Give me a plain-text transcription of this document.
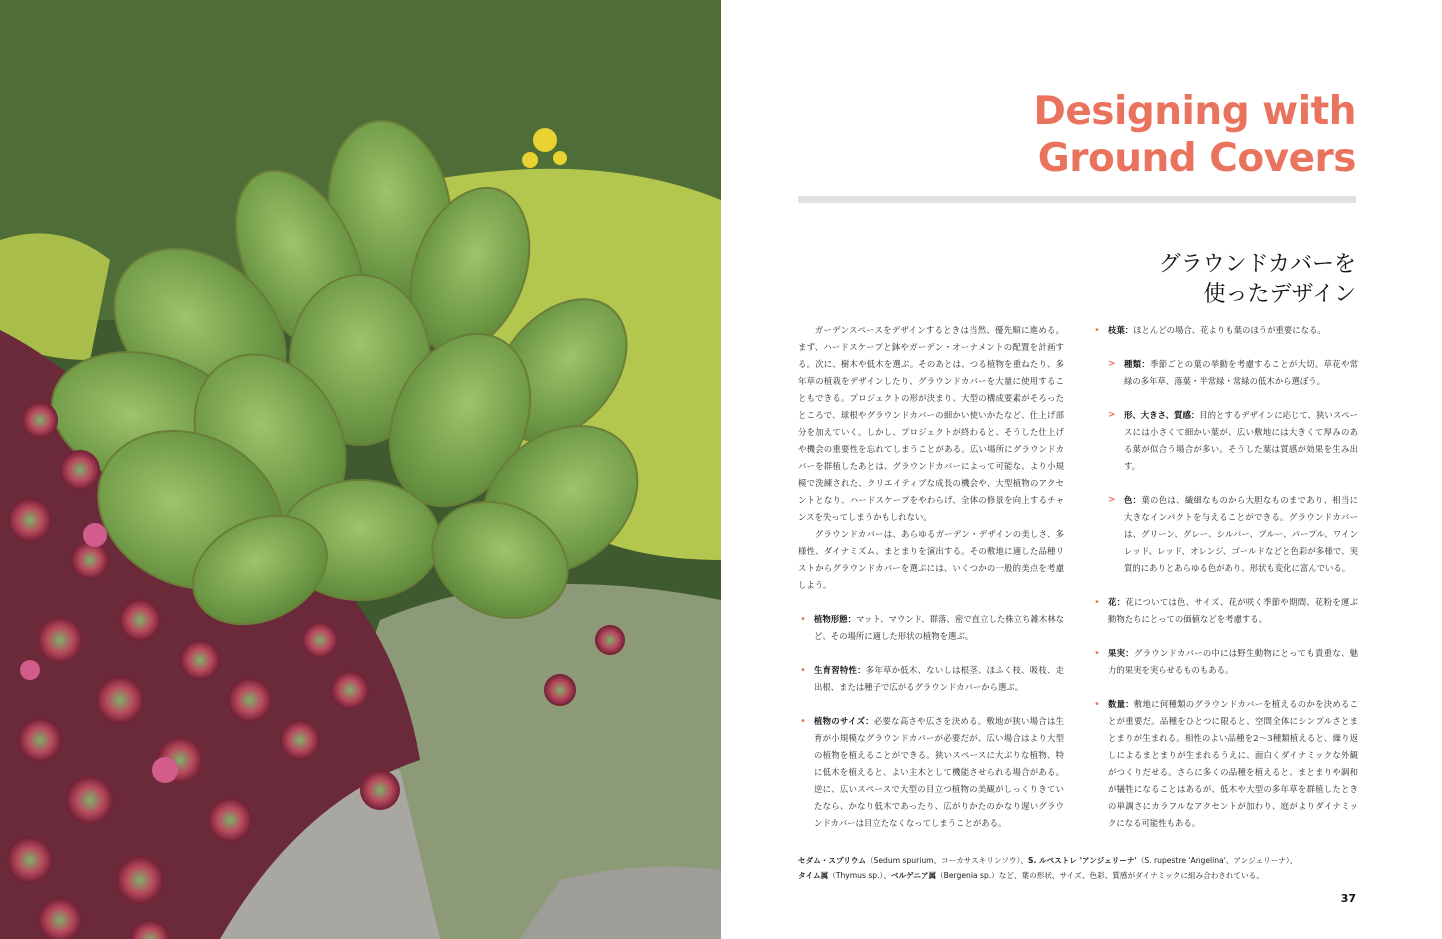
Designing with
Ground Covers
グラウンドカバーを
使ったデザイン

ガーデンスペースをデザインするときは当然、優先順に進める。まず、ハードスケープと鉢やガーデン・オーナメントの配置を計画する。次に、樹木や低木を選ぶ。そのあとは、つる植物を重ねたり、多年草の植栽をデザインしたり、グラウンドカバーを大量に使用することもできる。プロジェクトの形が決まり、大型の構成要素がそろったところで、球根やグラウンドカバーの細かい使いかたなど、仕上げ部分を加えていく。しかし、プロジェクトが終わると、そうした仕上げや機会の重要性を忘れてしまうことがある。広い場所にグラウンドカバーを群植したあとは、グラウンドカバーによって可能な、より小規模で洗練された、クリエイティブな成長の機会や、大型植物のアクセントとなり、ハードスケープをやわらげ、全体の修景を向上するチャンスを失ってしまうかもしれない。

グラウンドカバーは、あらゆるガーデン・デザインの美しさ、多様性、ダイナミズム、まとまりを演出する。その敷地に適した品種リストからグラウンドカバーを選ぶには、いくつかの一般的美点を考慮しよう。

• 植物形態：マット、マウンド、群落、密で直立した株立ち雑木林など、その場所に適した形状の植物を選ぶ。

• 生育習特性：多年草か低木、ないしは根茎、ほふく枝、吸枝、走出根、または種子で広がるグラウンドカバーから選ぶ。

• 植物のサイズ：必要な高さや広さを決める。敷地が狭い場合は生育が小規模なグラウンドカバーが必要だが、広い場合はより大型の植物を植えることができる。狭いスペースに大ぶりな植物、特に低木を植えると、よい主木として機能させられる場合がある。逆に、広いスペースで大型の目立つ植物の美観がしっくりきていたなら、かなり低木であったり、広がりかたのかなり遅いグラウンドカバーは目立たなくなってしまうことがある。

• 枝葉：ほとんどの場合、花よりも葉のほうが重要になる。

> 種類：季節ごとの葉の挙動を考慮することが大切。草花や常緑の多年草、落葉・半常緑・常緑の低木から選ぼう。

> 形、大きさ、質感：目的とするデザインに応じて、狭いスペースには小さくて細かい葉が、広い敷地には大きくて厚みのある葉が似合う場合が多い。そうした葉は質感が効果を生み出す。

> 色：葉の色は、繊細なものから大胆なものまであり、相当に大きなインパクトを与えることができる。グラウンドカバーは、グリーン、グレー、シルバー、ブルー、パープル、ワインレッド、レッド、オレンジ、ゴールドなどと色彩が多様で、実質的にありとあらゆる色があり、形状も変化に富んでいる。

• 花：花については色、サイズ、花が咲く季節や期間、花粉を運ぶ動物たちにとっての価値などを考慮する。

• 果実：グラウンドカバーの中には野生動物にとっても貴重な、魅力的果実を実らせるものもある。

• 数量：敷地に何種類のグラウンドカバーを植えるのかを決めることが重要だ。品種をひとつに限ると、空間全体にシンプルさとまとまりが生まれる。相性のよい品種を2～3種類植えると、繰り返しによるまとまりが生まれるうえに、面白くダイナミックな外観がつくりだせる。さらに多くの品種を植えると、まとまりや調和が犠牲になることはあるが、低木や大型の多年草を群植したときの単調さにカラフルなアクセントが加わり、庭がよりダイナミックになる可能性もある。

セダム・スプリウム（Sedum spurium、コーカサスキリンソウ）、S. ルペストレ 'アンジェリーナ'（S. rupestre 'Angelina'、アンジェリーナ）、
タイム属（Thymus sp.）、ベルゲニア属（Bergenia sp.）など、葉の形状、サイズ、色彩、質感がダイナミックに組み合わされている。
37
